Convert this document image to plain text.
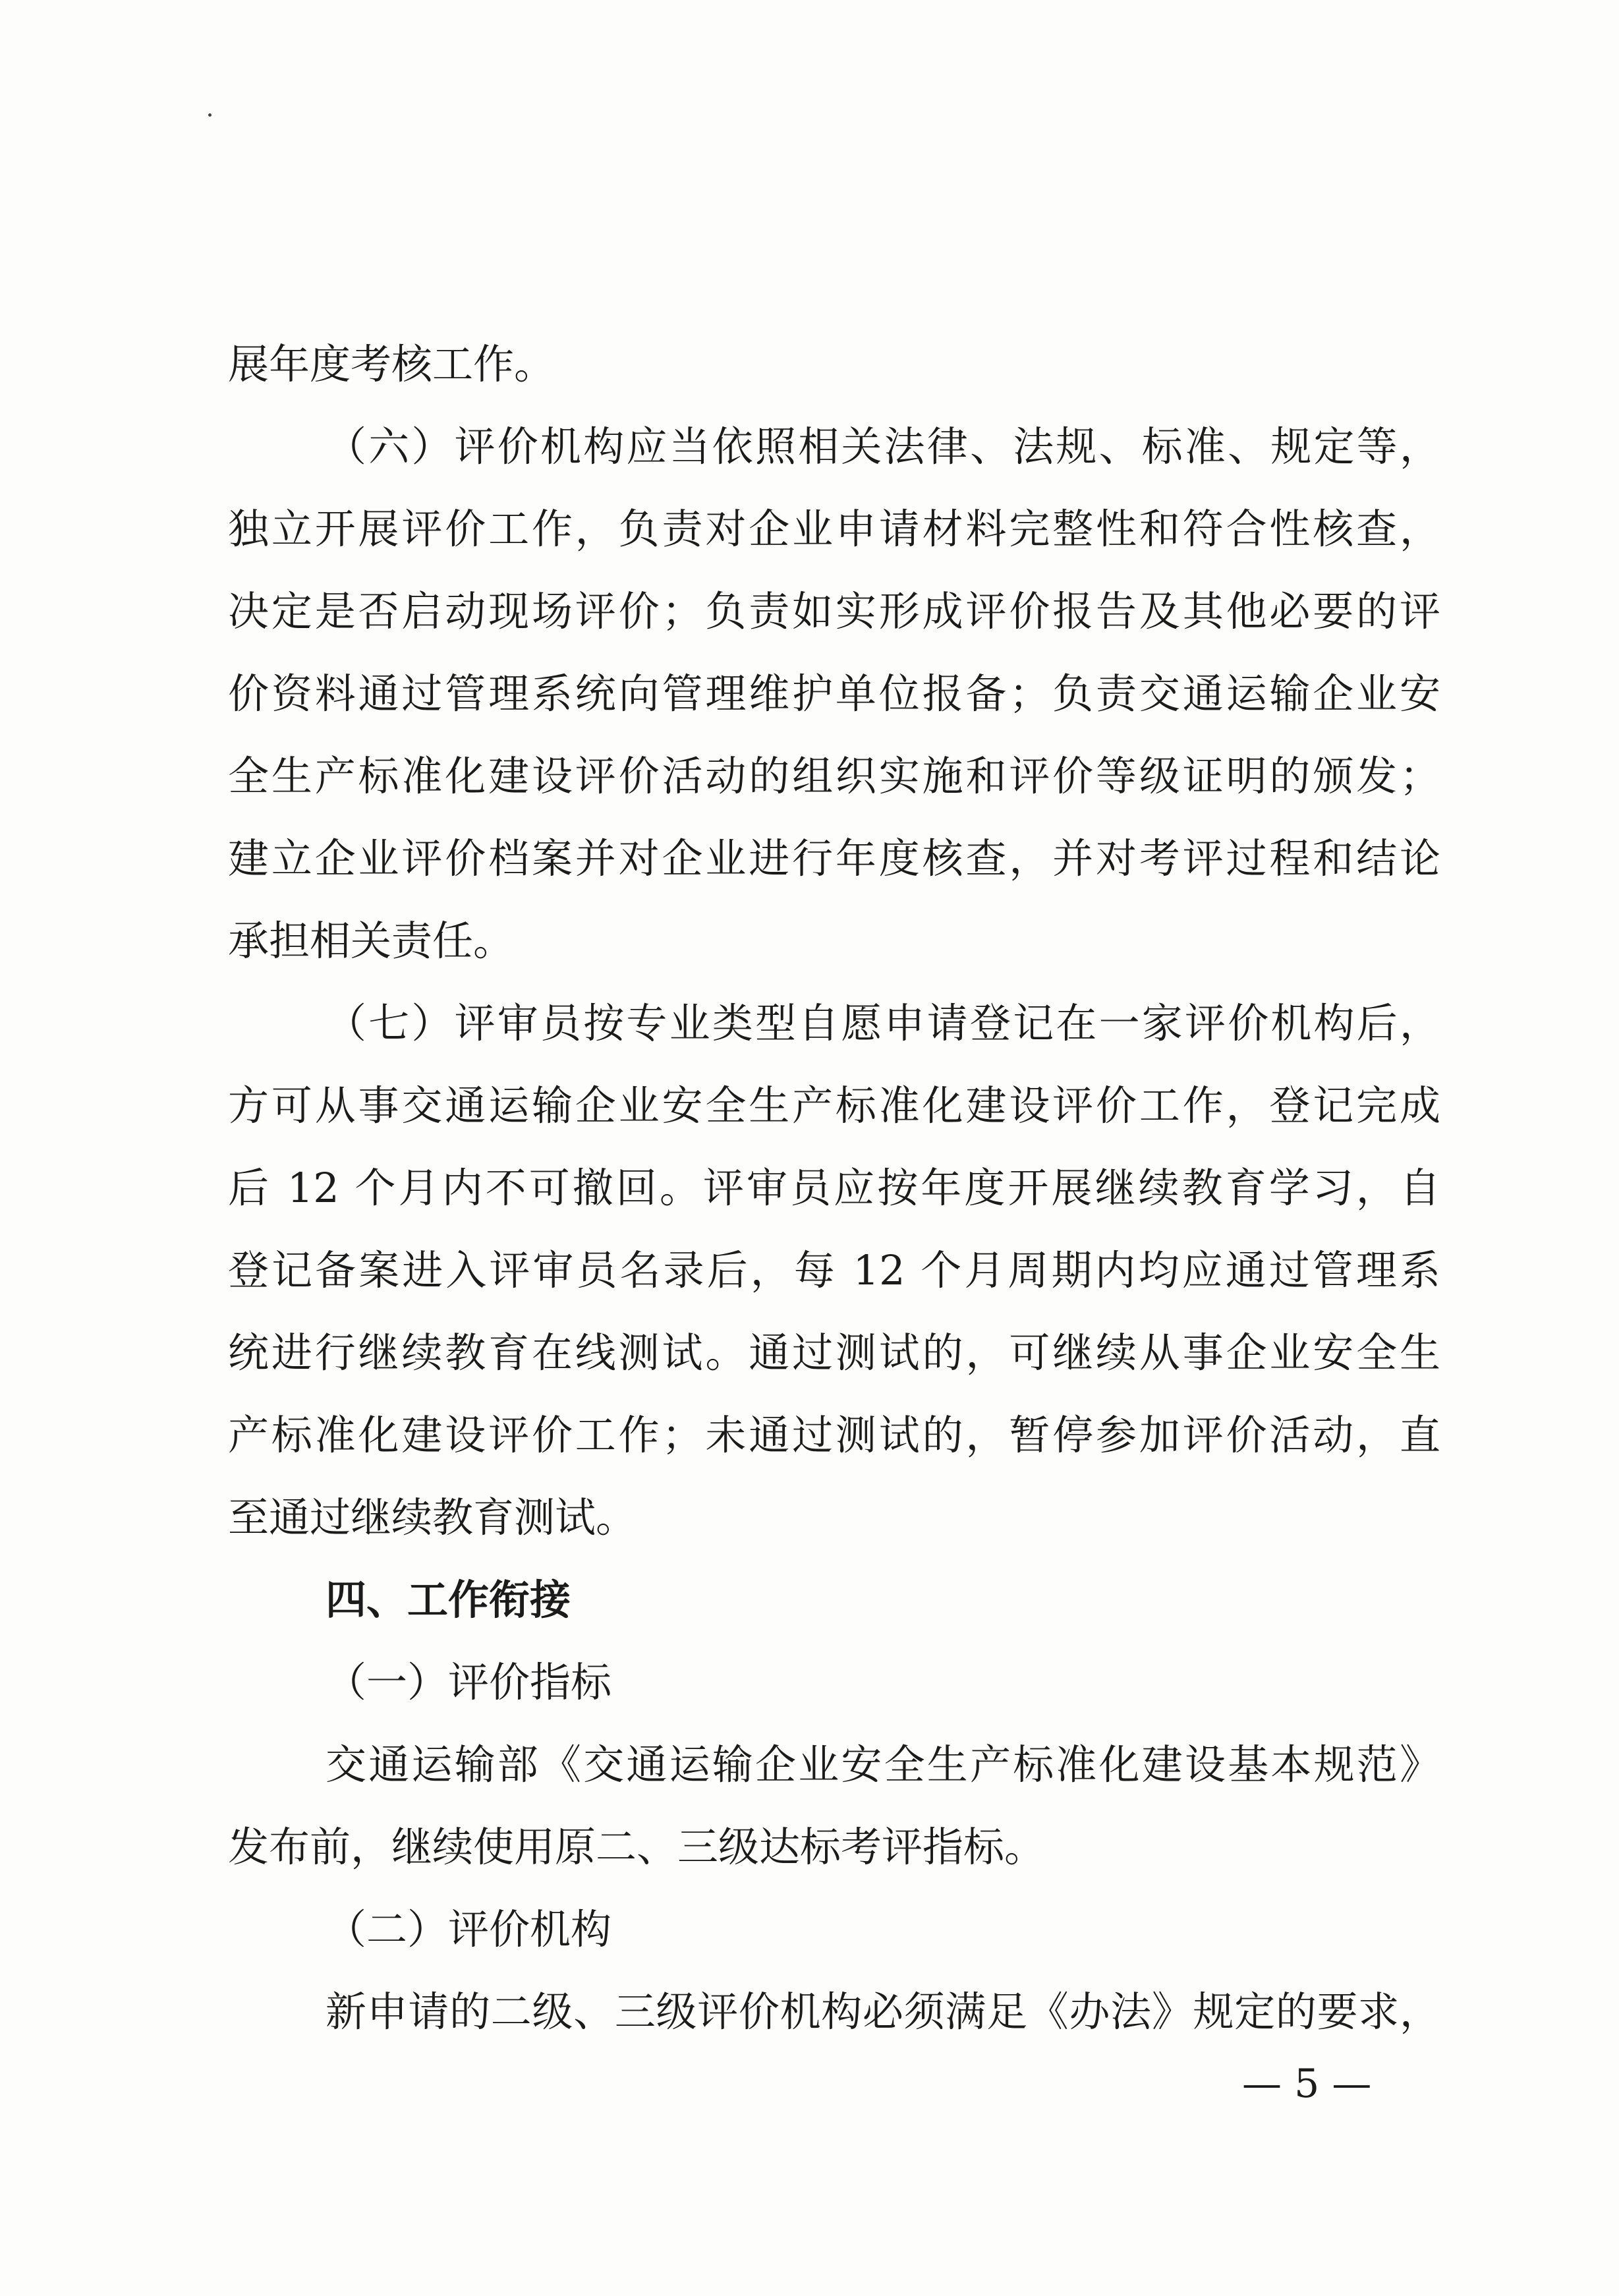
展年度考核工作。
（六）评价机构应当依照相关法律、法规、标准、规定等，
独立开展评价工作，负责对企业申请材料完整性和符合性核查，
决定是否启动现场评价；负责如实形成评价报告及其他必要的评
价资料通过管理系统向管理维护单位报备；负责交通运输企业安
全生产标准化建设评价活动的组织实施和评价等级证明的颁发；
建立企业评价档案并对企业进行年度核查，并对考评过程和结论
承担相关责任。
（七）评审员按专业类型自愿申请登记在一家评价机构后，
方可从事交通运输企业安全生产标准化建设评价工作，登记完成
后 12 个月内不可撤回。评审员应按年度开展继续教育学习，自
登记备案进入评审员名录后，每 12 个月周期内均应通过管理系
统进行继续教育在线测试。通过测试的，可继续从事企业安全生
产标准化建设评价工作；未通过测试的，暂停参加评价活动，直
至通过继续教育测试。
四、工作衔接
（一）评价指标
交通运输部《交通运输企业安全生产标准化建设基本规范》
发布前，继续使用原二、三级达标考评指标。
（二）评价机构
新申请的二级、三级评价机构必须满足《办法》规定的要求，
— 5 —
